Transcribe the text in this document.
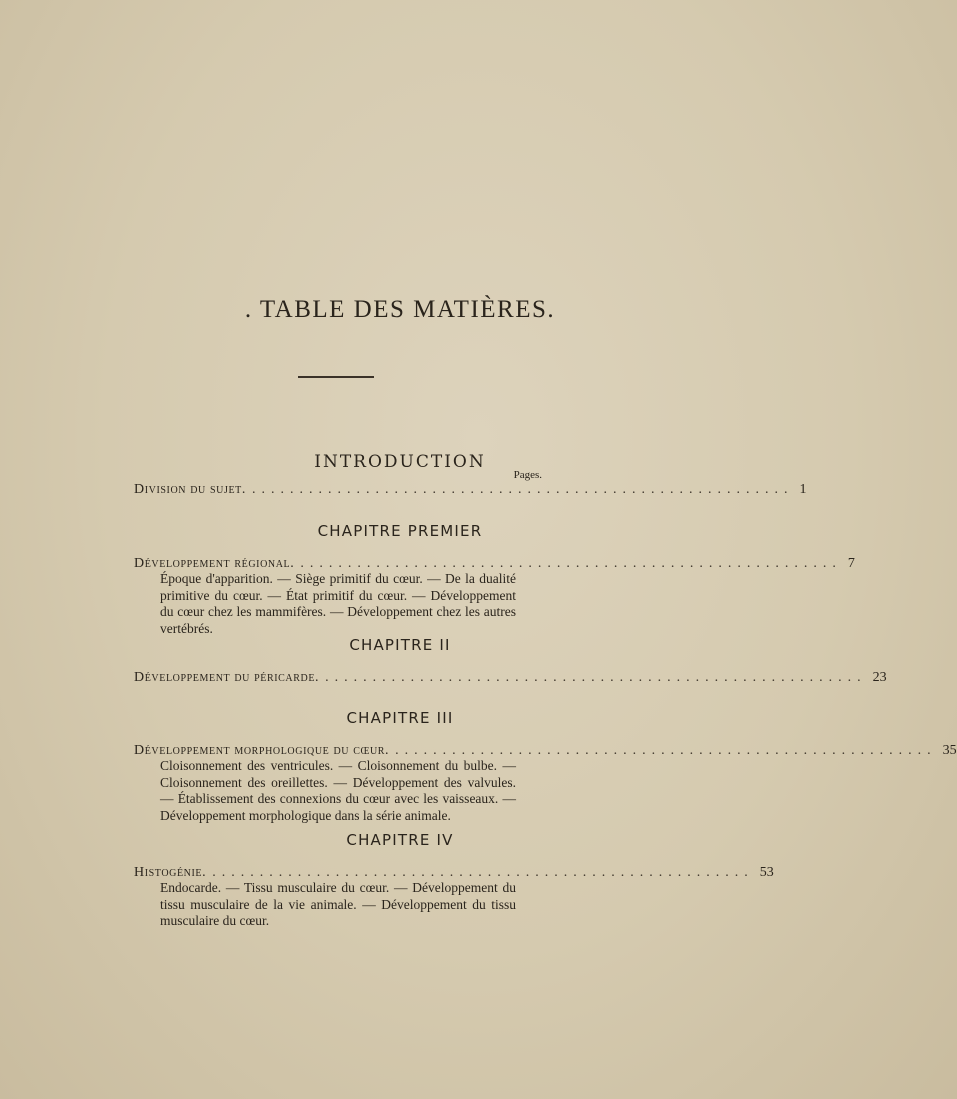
. TABLE DES MATIÈRES.
INTRODUCTION
Pages.
Division du sujet. ......................................................... 1
CHAPITRE PREMIER
Développement régional. ......................................................... 7
Époque d'apparition. — Siège primitif du cœur. — De la dualité primitive du cœur. — État primitif du cœur. — Développement du cœur chez les mammifères. — Développement chez les autres vertébrés.
CHAPITRE II
Développement du péricarde. ......................................................... 23
CHAPITRE III
Développement morphologique du cœur. ......................................................... 35
Cloisonnement des ventricules. — Cloisonnement du bulbe. — Cloisonnement des oreillettes. — Développement des valvules. — Établissement des connexions du cœur avec les vaisseaux. — Développement morphologique dans la série animale.
CHAPITRE IV
Histogénie. ......................................................... 53
Endocarde. — Tissu musculaire du cœur. — Développement du tissu musculaire de la vie animale. — Développement du tissu musculaire du cœur.
